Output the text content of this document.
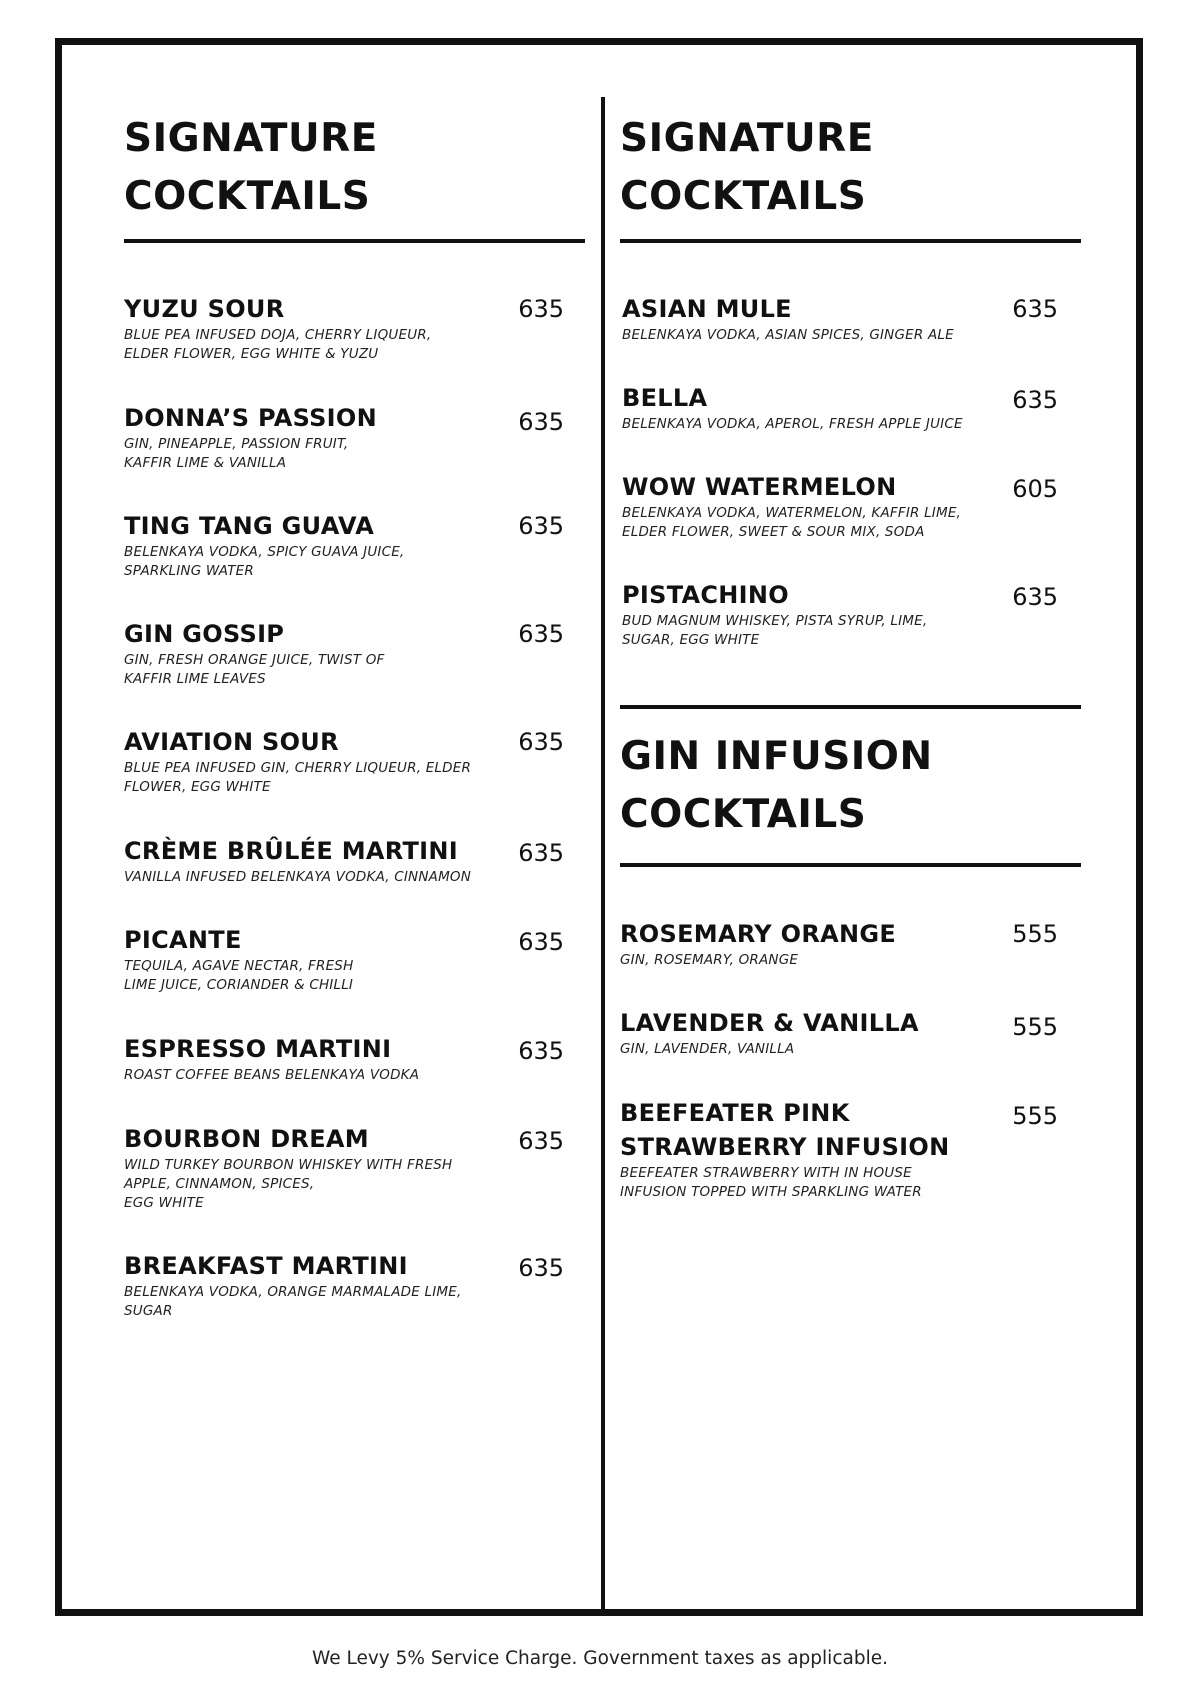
SIGNATURE
COCKTAILS
YUZU SOUR	635
BLUE PEA INFUSED DOJA, CHERRY LIQUEUR,
ELDER FLOWER, EGG WHITE & YUZU
DONNA’S PASSION	635
GIN, PINEAPPLE, PASSION FRUIT,
KAFFIR LIME & VANILLA
TING TANG GUAVA	635
BELENKAYA VODKA, SPICY GUAVA JUICE,
SPARKLING WATER
GIN GOSSIP	635
GIN, FRESH ORANGE JUICE, TWIST OF
KAFFIR LIME LEAVES
AVIATION SOUR	635
BLUE PEA INFUSED GIN, CHERRY LIQUEUR, ELDER
FLOWER, EGG WHITE
CRÈME BRÛLÉE MARTINI	635
VANILLA INFUSED BELENKAYA VODKA, CINNAMON
PICANTE	635
TEQUILA, AGAVE NECTAR, FRESH
LIME JUICE, CORIANDER & CHILLI
ESPRESSO MARTINI	635
ROAST COFFEE BEANS BELENKAYA VODKA
BOURBON DREAM	635
WILD TURKEY BOURBON WHISKEY WITH FRESH
APPLE, CINNAMON, SPICES,
EGG WHITE
BREAKFAST MARTINI	635
BELENKAYA VODKA, ORANGE MARMALADE LIME,
SUGAR
SIGNATURE
COCKTAILS
ASIAN MULE	635
BELENKAYA VODKA, ASIAN SPICES, GINGER ALE
BELLA	635
BELENKAYA VODKA, APEROL, FRESH APPLE JUICE
WOW WATERMELON	605
BELENKAYA VODKA, WATERMELON, KAFFIR LIME,
ELDER FLOWER, SWEET & SOUR MIX, SODA
PISTACHINO	635
BUD MAGNUM WHISKEY, PISTA SYRUP, LIME,
SUGAR, EGG WHITE
GIN INFUSION
COCKTAILS
ROSEMARY ORANGE	555
GIN, ROSEMARY, ORANGE
LAVENDER & VANILLA	555
GIN, LAVENDER, VANILLA
BEEFEATER PINK
STRAWBERRY INFUSION
555
BEEFEATER STRAWBERRY WITH IN HOUSE
INFUSION TOPPED WITH SPARKLING WATER
We Levy 5% Service Charge. Government taxes as applicable.
